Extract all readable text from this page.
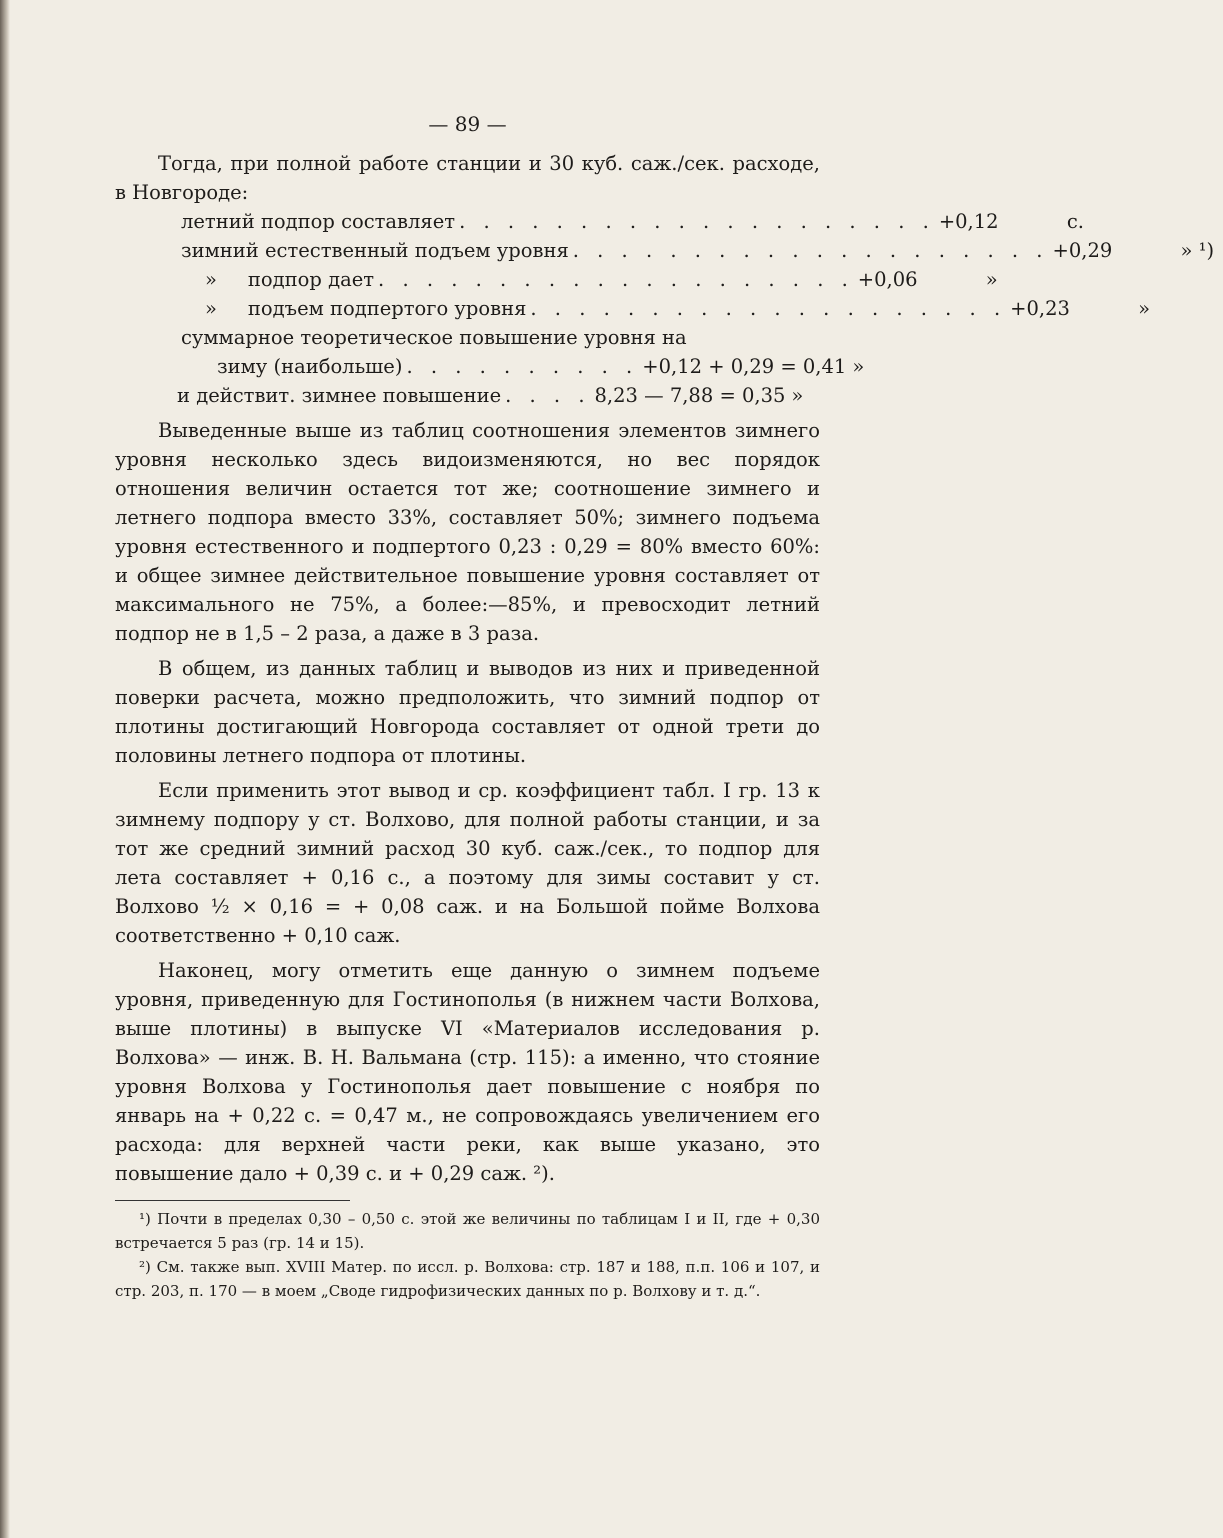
— 89 —

Тогда, при полной работе станции и 30 куб. саж./сек. расходе, в Новгороде:

летний подпор составляет . . . . . . . . . . . . . . . . . . . . +0,12	с.
зимний естественный подъем уровня . . . . . . . . . . . . . . . . . . . . +0,29	» ¹)
»     подпор дает . . . . . . . . . . . . . . . . . . . . +0,06	»
»     подъем подпертого уровня . . . . . . . . . . . . . . . . . . . . +0,23	»
суммарное теоретическое повышение уровня на
зиму (наибольше) . . . . . . . . . . +0,12 + 0,29 = 0,41 »
и действит. зимнее повышение . . . . 8,23 — 7,88 = 0,35 »

Выведенные выше из таблиц соотношения элементов зимнего уровня несколько здесь видоизменяются, но вес порядок отношения величин остается тот же; соотношение зимнего и летнего подпора вместо 33%, составляет 50%; зимнего подъема уровня естественного и подпертого 0,23 : 0,29 = 80% вместо 60%: и общее зимнее действительное повышение уровня составляет от максимального не 75%, а более:—85%, и превосходит летний подпор не в 1,5 – 2 раза, а даже в 3 раза.

В общем, из данных таблиц и выводов из них и приведенной поверки расчета, можно предположить, что зимний подпор от плотины достигающий Новгорода составляет от одной трети до половины летнего подпора от плотины.

Если применить этот вывод и ср. коэффициент табл. I гр. 13 к зимнему подпору у ст. Волхово, для полной работы станции, и за тот же средний зимний расход 30 куб. саж./сек., то подпор для лета составляет + 0,16 с., а поэтому для зимы составит у ст. Волхово ½ × 0,16 = + 0,08 саж. и на Большой пойме Волхова соответственно + 0,10 саж.

Наконец, могу отметить еще данную о зимнем подъеме уровня, приведенную для Гостинополья (в нижнем части Волхова, выше плотины) в выпуске VI «Материалов исследования р. Волхова» — инж. В. Н. Вальмана (стр. 115): а именно, что стояние уровня Волхова у Гостинополья дает повышение с ноября по январь на + 0,22 с. = 0,47 м., не сопровождаясь увеличением его расхода: для верхней части реки, как выше указано, это повышение дало + 0,39 с. и + 0,29 саж. ²).

¹) Почти в пределах 0,30 – 0,50 с. этой же величины по таблицам I и II, где + 0,30 встречается 5 раз (гр. 14 и 15).

²) См. также вып. XVIII Матер. по иссл. р. Волхова: стр. 187 и 188, п.п. 106 и 107, и стр. 203, п. 170 — в моем „Своде гидрофизических данных по р. Волхову и т. д.“.
